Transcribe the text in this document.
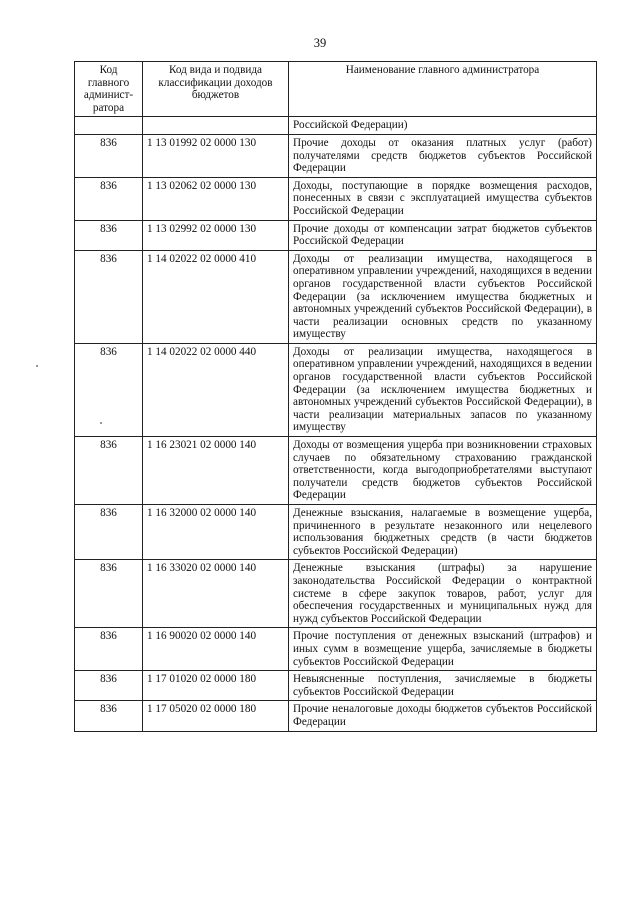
39
Код главного админист-ратора	Код вида и подвида классификации доходов бюджетов	Наименование главного администратора
		Российской Федерации)
836	1 13 01992 02 0000 130	Прочие доходы от оказания платных услуг (работ) получателями средств бюджетов субъектов Российской Федерации
836	1 13 02062 02 0000 130	Доходы, поступающие в порядке возмещения расходов, понесенных в связи с эксплуатацией имущества субъектов Российской Федерации
836	1 13 02992 02 0000 130	Прочие доходы от компенсации затрат бюджетов субъектов Российской Федерации
836	1 14 02022 02 0000 410	Доходы от реализации имущества, находящегося в оперативном управлении учреждений, находящихся в ведении органов государственной власти субъектов Российской Федерации (за исключением имущества бюджетных и автономных учреждений субъектов Российской Федерации), в части реализации основных средств по указанному имуществу
836	1 14 02022 02 0000 440	Доходы от реализации имущества, находящегося в оперативном управлении учреждений, находящихся в ведении органов государственной власти субъектов Российской Федерации (за исключением имущества бюджетных и автономных учреждений субъектов Российской Федерации), в части реализации материальных запасов по указанному имуществу
836	1 16 23021 02 0000 140	Доходы от возмещения ущерба при возникновении страховых случаев по обязательному страхованию гражданской ответственности, когда выгодоприобретателями выступают получатели средств бюджетов субъектов Российской Федерации
836	1 16 32000 02 0000 140	Денежные взыскания, налагаемые в возмещение ущерба, причиненного в результате незаконного или нецелевого использования бюджетных средств (в части бюджетов субъектов Российской Федерации)
836	1 16 33020 02 0000 140	Денежные взыскания (штрафы) за нарушение законодательства Российской Федерации о контрактной системе в сфере закупок товаров, работ, услуг для обеспечения государственных и муниципальных нужд для нужд субъектов Российской Федерации
836	1 16 90020 02 0000 140	Прочие поступления от денежных взысканий (штрафов) и иных сумм в возмещение ущерба, зачисляемые в бюджеты субъектов Российской Федерации
836	1 17 01020 02 0000 180	Невыясненные поступления, зачисляемые в бюджеты субъектов Российской Федерации
836	1 17 05020 02 0000 180	Прочие неналоговые доходы бюджетов субъектов Российской Федерации
